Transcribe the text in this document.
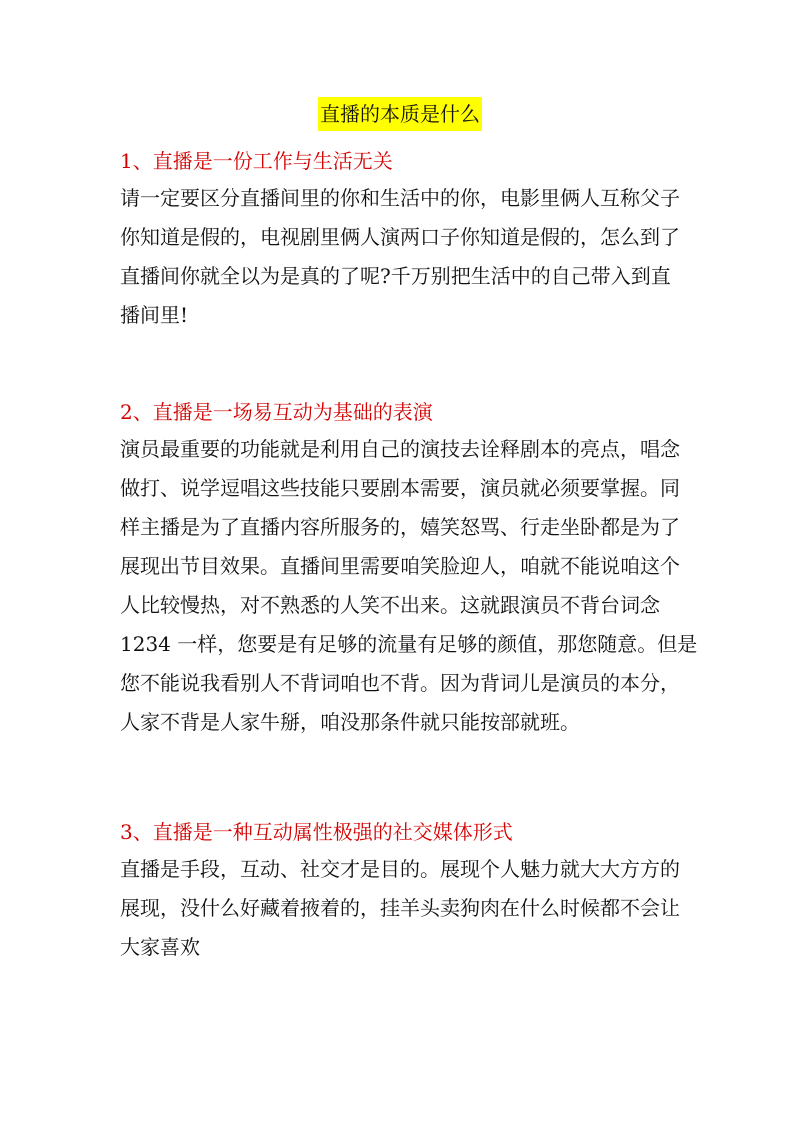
直播的本质是什么

1、直播是一份工作与生活无关

请一定要区分直播间里的你和生活中的你，电影里俩人互称父子
你知道是假的，电视剧里俩人演两口子你知道是假的，怎么到了
直播间你就全以为是真的了呢?千万别把生活中的自己带入到直
播间里!

2、直播是一场易互动为基础的表演

演员最重要的功能就是利用自己的演技去诠释剧本的亮点，唱念
做打、说学逗唱这些技能只要剧本需要，演员就必须要掌握。同
样主播是为了直播内容所服务的，嬉笑怒骂、行走坐卧都是为了
展现出节目效果。直播间里需要咱笑脸迎人，咱就不能说咱这个
人比较慢热，对不熟悉的人笑不出来。这就跟演员不背台词念
1234 一样，您要是有足够的流量有足够的颜值，那您随意。但是
您不能说我看别人不背词咱也不背。因为背词儿是演员的本分，
人家不背是人家牛掰，咱没那条件就只能按部就班。

3、直播是一种互动属性极强的社交媒体形式

直播是手段，互动、社交才是目的。展现个人魅力就大大方方的
展现，没什么好藏着掖着的，挂羊头卖狗肉在什么时候都不会让
大家喜欢
